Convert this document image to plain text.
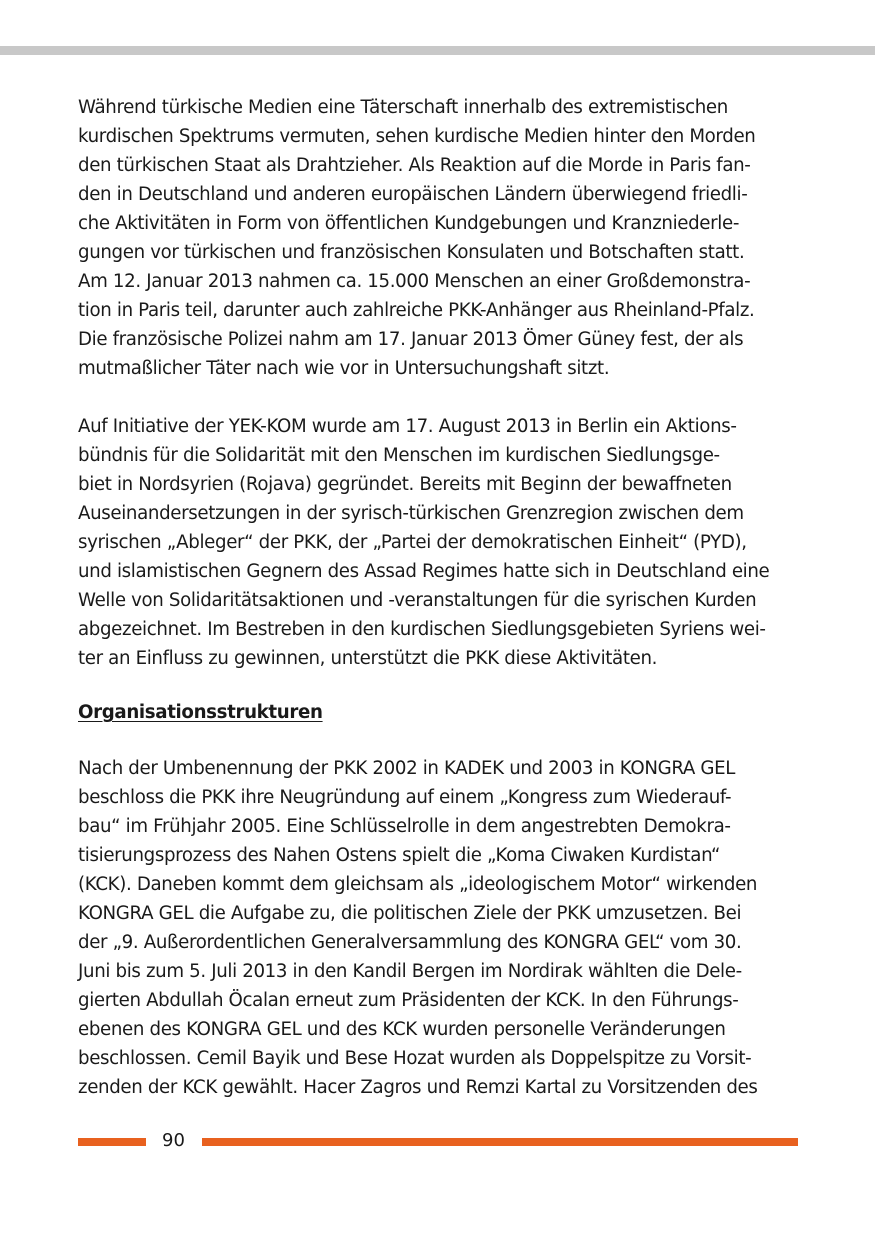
Während türkische Medien eine Täterschaft innerhalb des extremistischen
kurdischen Spektrums vermuten, sehen kurdische Medien hinter den Morden
den türkischen Staat als Drahtzieher. Als Reaktion auf die Morde in Paris fan-
den in Deutschland und anderen europäischen Ländern überwiegend friedli-
che Aktivitäten in Form von öffentlichen Kundgebungen und Kranzniederle-
gungen vor türkischen und französischen Konsulaten und Botschaften statt.
Am 12. Januar 2013 nahmen ca. 15.000 Menschen an einer Großdemonstra-
tion in Paris teil, darunter auch zahlreiche PKK-Anhänger aus Rheinland-Pfalz.
Die französische Polizei nahm am 17. Januar 2013 Ömer Güney fest, der als
mutmaßlicher Täter nach wie vor in Untersuchungshaft sitzt.

Auf Initiative der YEK-KOM wurde am 17. August 2013 in Berlin ein Aktions-
bündnis für die Solidarität mit den Menschen im kurdischen Siedlungsge-
biet in Nordsyrien (Rojava) gegründet. Bereits mit Beginn der bewaffneten
Auseinandersetzungen in der syrisch-türkischen Grenzregion zwischen dem
syrischen „Ableger“ der PKK, der „Partei der demokratischen Einheit“ (PYD),
und islamistischen Gegnern des Assad Regimes hatte sich in Deutschland eine
Welle von Solidaritätsaktionen und -veranstaltungen für die syrischen Kurden
abgezeichnet. Im Bestreben in den kurdischen Siedlungsgebieten Syriens wei-
ter an Einfluss zu gewinnen, unterstützt die PKK diese Aktivitäten.

Organisationsstrukturen

Nach der Umbenennung der PKK 2002 in KADEK und 2003 in KONGRA GEL
beschloss die PKK ihre Neugründung auf einem „Kongress zum Wiederauf-
bau“ im Frühjahr 2005. Eine Schlüsselrolle in dem angestrebten Demokra-
tisierungsprozess des Nahen Ostens spielt die „Koma Ciwaken Kurdistan“
(KCK). Daneben kommt dem gleichsam als „ideologischem Motor“ wirkenden
KONGRA GEL die Aufgabe zu, die politischen Ziele der PKK umzusetzen. Bei
der „9. Außerordentlichen Generalversammlung des KONGRA GEL“ vom 30.
Juni bis zum 5. Juli 2013 in den Kandil Bergen im Nordirak wählten die Dele-
gierten Abdullah Öcalan erneut zum Präsidenten der KCK. In den Führungs-
ebenen des KONGRA GEL und des KCK wurden personelle Veränderungen
beschlossen. Cemil Bayik und Bese Hozat wurden als Doppelspitze zu Vorsit-
zenden der KCK gewählt. Hacer Zagros und Remzi Kartal zu Vorsitzenden des

90
